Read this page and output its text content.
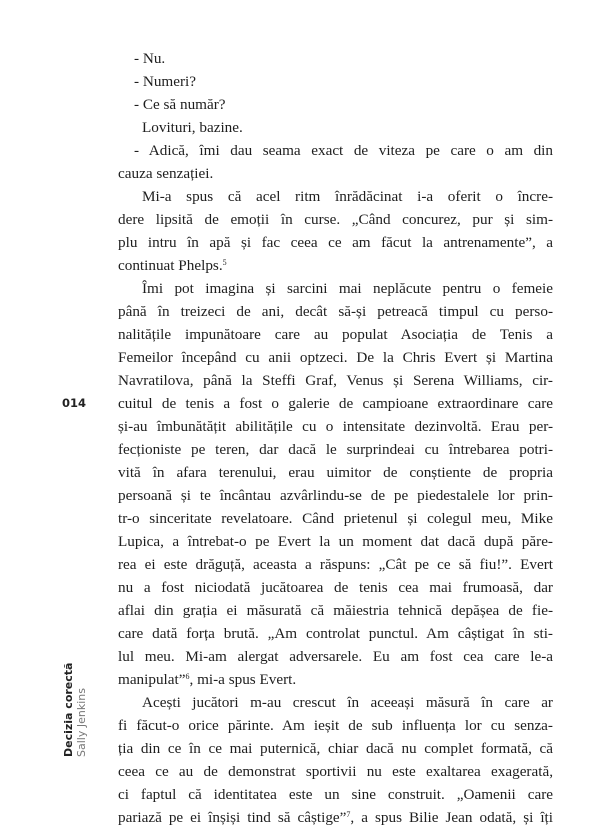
- Nu.
- Numeri?
- Ce să număr?
Lovituri, bazine.
- Adică, îmi dau seama exact de viteza pe care o am din
cauza senzației.
Mi-a spus că acel ritm înrădăcinat i-a oferit o încre-
dere lipsită de emoții în curse. „Când concurez, pur și sim-
plu intru în apă și fac ceea ce am făcut la antrenamente”, a
continuat Phelps.$^5$
Îmi pot imagina și sarcini mai neplăcute pentru o femeie
până în treizeci de ani, decât să-și petreacă timpul cu perso-
nalitățile impunătoare care au populat Asociația de Tenis a
Femeilor începând cu anii optzeci. De la Chris Evert și Martina
Navratilova, până la Steffi Graf, Venus și Serena Williams, cir-
cuitul de tenis a fost o galerie de campioane extraordinare care
și-au îmbunătățit abilitățile cu o intensitate dezinvoltă. Erau per-
fecționiste pe teren, dar dacă le surprindeai cu întrebarea potri-
vită în afara terenului, erau uimitor de conștiente de propria
persoană și te încântau azvârlindu-se de pe piedestalele lor prin-
tr-o sinceritate revelatoare. Când prietenul și colegul meu, Mike
Lupica, a întrebat-o pe Evert la un moment dat dacă după păre-
rea ei este drăguță, aceasta a răspuns: „Cât pe ce să fiu!”. Evert
nu a fost niciodată jucătoarea de tenis cea mai frumoasă, dar
aflai din grația ei măsurată că măiestria tehnică depășea de fie-
care dată forța brută. „Am controlat punctul. Am câștigat în sti-
lul meu. Mi-am alergat adversarele. Eu am fost cea care le-a
manipulat”$^6$, mi-a spus Evert.
Acești jucători m-au crescut în aceeași măsură în care ar
fi făcut-o orice părinte. Am ieșit de sub influența lor cu senza-
ția din ce în ce mai puternică, chiar dacă nu complet formată, că
ceea ce au de demonstrat sportivii nu este exaltarea exagerată,
ci faptul că identitatea este un sine construit. „Oamenii care
pariază pe ei înșiși tind să câștige”$^7$, a spus Bilie Jean odată, și îți
014
Decizia corectă Sally Jenkins
